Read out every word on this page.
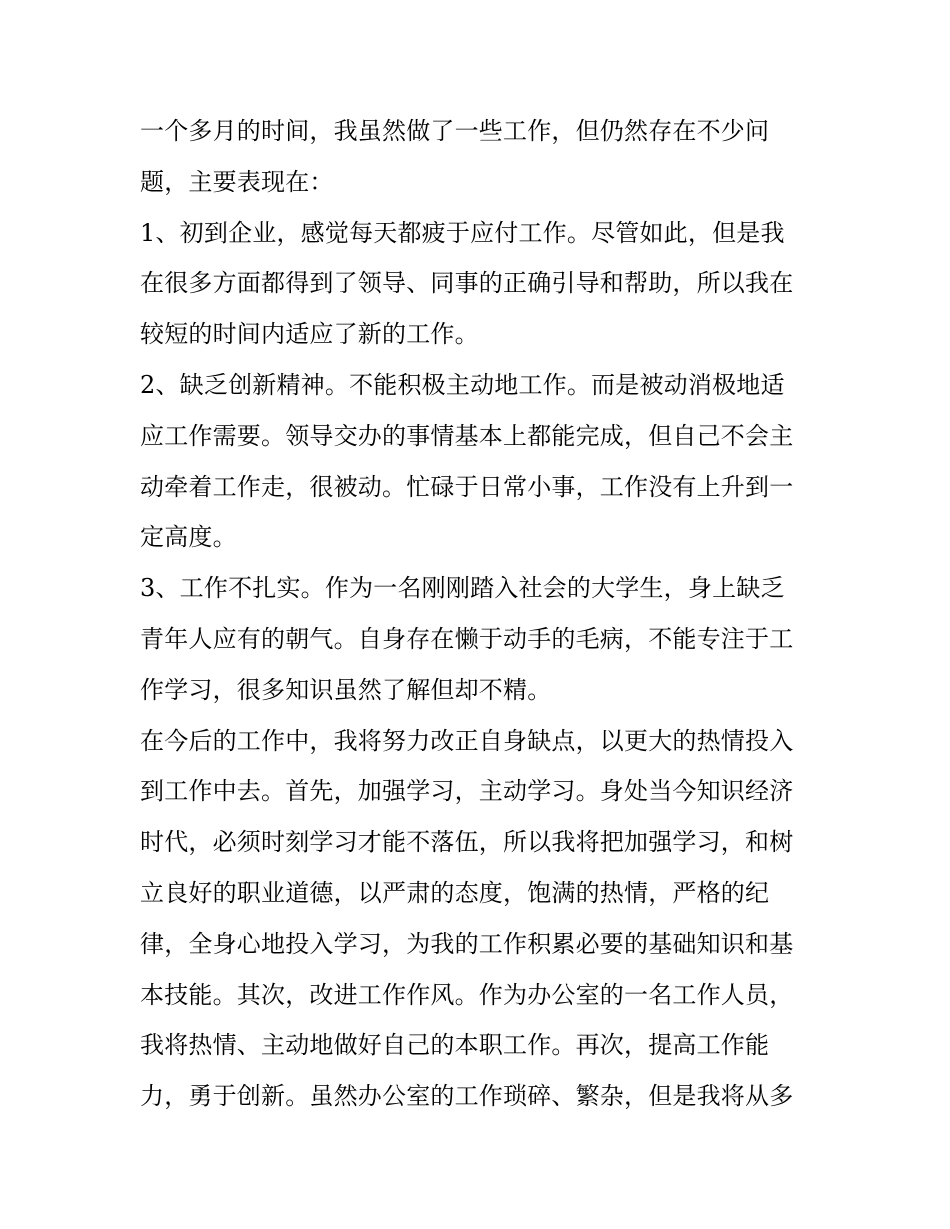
一个多月的时间，我虽然做了一些工作，但仍然存在不少问
题，主要表现在：
1、初到企业，感觉每天都疲于应付工作。尽管如此，但是我
在很多方面都得到了领导、同事的正确引导和帮助，所以我在
较短的时间内适应了新的工作。
2、缺乏创新精神。不能积极主动地工作。而是被动消极地适
应工作需要。领导交办的事情基本上都能完成，但自己不会主
动牵着工作走，很被动。忙碌于日常小事，工作没有上升到一
定高度。
3、工作不扎实。作为一名刚刚踏入社会的大学生，身上缺乏
青年人应有的朝气。自身存在懒于动手的毛病，不能专注于工
作学习，很多知识虽然了解但却不精。
在今后的工作中，我将努力改正自身缺点，以更大的热情投入
到工作中去。首先，加强学习，主动学习。身处当今知识经济
时代，必须时刻学习才能不落伍，所以我将把加强学习，和树
立良好的职业道德，以严肃的态度，饱满的热情，严格的纪
律，全身心地投入学习，为我的工作积累必要的基础知识和基
本技能。其次，改进工作作风。作为办公室的一名工作人员，
我将热情、主动地做好自己的本职工作。再次，提高工作能
力，勇于创新。虽然办公室的工作琐碎、繁杂，但是我将从多
